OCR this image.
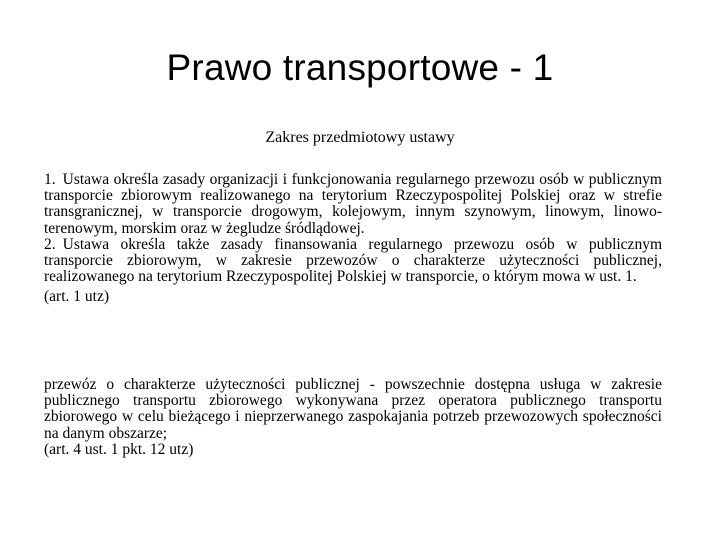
Prawo transportowe - 1
Zakres przedmiotowy ustawy

1. Ustawa określa zasady organizacji i funkcjonowania regularnego przewozu osób w publicznym transporcie zbiorowym realizowanego na terytorium Rzeczypospolitej Polskiej oraz w strefie transgranicznej, w transporcie drogowym, kolejowym, innym szynowym, linowym, linowo-terenowym, morskim oraz w żegludze śródlądowej.

2. Ustawa określa także zasady finansowania regularnego przewozu osób w publicznym transporcie zbiorowym, w zakresie przewozów o charakterze użyteczności publicznej, realizowanego na terytorium Rzeczypospolitej Polskiej w transporcie, o którym mowa w ust. 1.

(art. 1 utz)

przewóz o charakterze użyteczności publicznej - powszechnie dostępna usługa w zakresie publicznego transportu zbiorowego wykonywana przez operatora publicznego transportu zbiorowego w celu bieżącego i nieprzerwanego zaspokajania potrzeb przewozowych społeczności na danym obszarze;

(art. 4 ust. 1 pkt. 12 utz)
